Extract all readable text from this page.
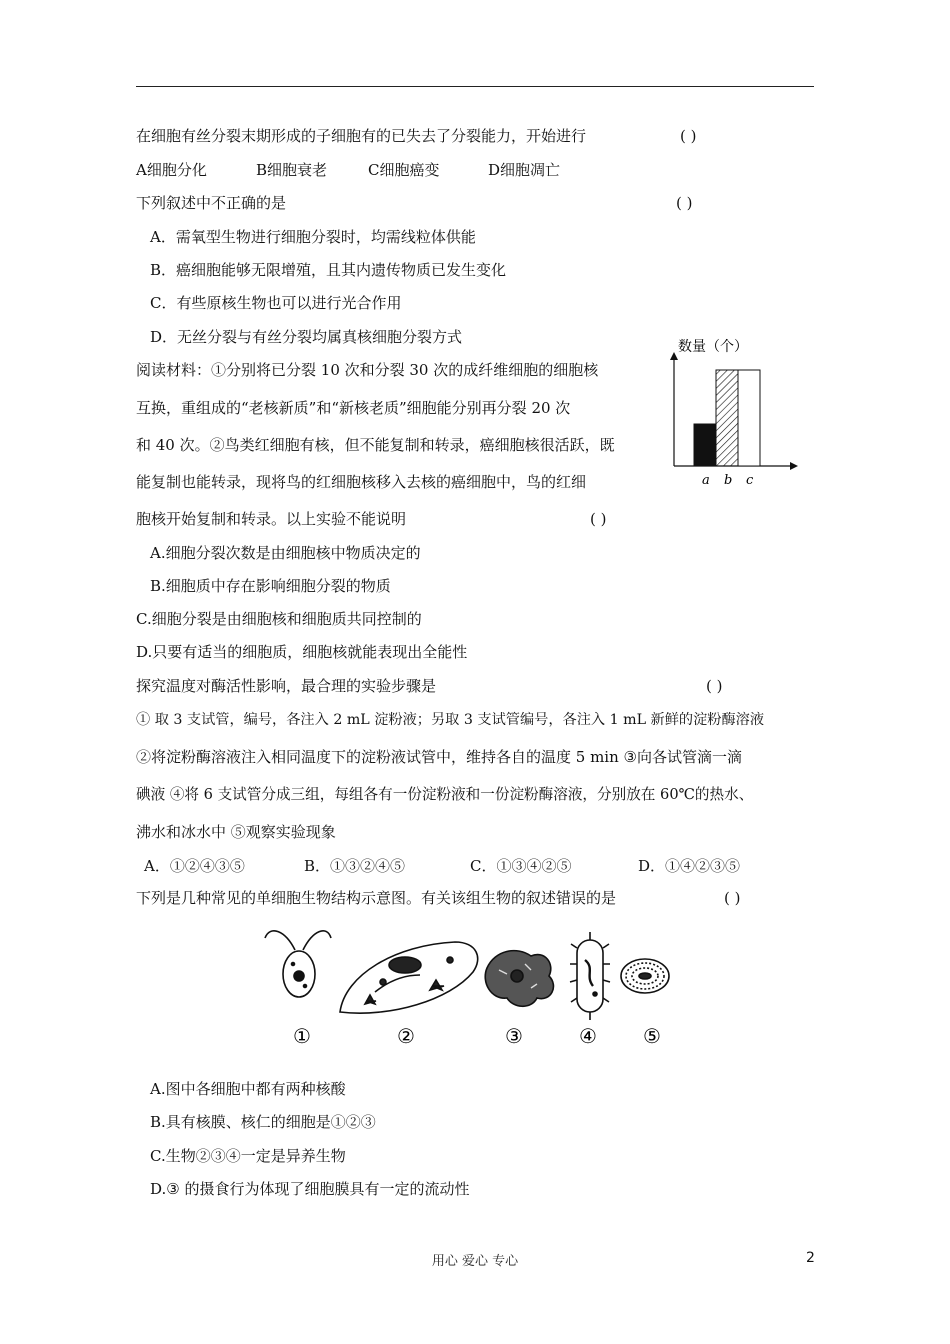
在细胞有丝分裂末期形成的子细胞有的已失去了分裂能力，开始进行	( )
A细胞分化	B细胞衰老	C细胞癌变	D细胞凋亡
下列叙述中不正确的是	( )
A．需氧型生物进行细胞分裂时，均需线粒体供能
B．癌细胞能够无限增殖，且其内遗传物质已发生变化
C．有些原核生物也可以进行光合作用
D．无丝分裂与有丝分裂均属真核细胞分裂方式
数量（个）
a b c
阅读材料：①分别将已分裂 10 次和分裂 30 次的成纤维细胞的细胞核
互换，重组成的“老核新质”和“新核老质”细胞能分别再分裂 20 次
和 40 次。②鸟类红细胞有核，但不能复制和转录，癌细胞核很活跃，既
能复制也能转录，现将鸟的红细胞核移入去核的癌细胞中，鸟的红细
胞核开始复制和转录。以上实验不能说明	( )
A.细胞分裂次数是由细胞核中物质决定的
B.细胞质中存在影响细胞分裂的物质
C.细胞分裂是由细胞核和细胞质共同控制的
D.只要有适当的细胞质，细胞核就能表现出全能性
探究温度对酶活性影响，最合理的实验步骤是	( )
① 取 3 支试管，编号，各注入 2 mL 淀粉液；另取 3 支试管编号，各注入 1 mL 新鲜的淀粉酶溶液
②将淀粉酶溶液注入相同温度下的淀粉液试管中，维持各自的温度 5 min ③向各试管滴一滴
碘液 ④将 6 支试管分成三组，每组各有一份淀粉液和一份淀粉酶溶液，分别放在 60℃的热水、
沸水和冰水中 ⑤观察实验现象
A．①②④③⑤	B．①③②④⑤	C．①③④②⑤	D．①④②③⑤
下列是几种常见的单细胞生物结构示意图。有关该组生物的叙述错误的是	( )
①	②	③	④ ⑤
A.图中各细胞中都有两种核酸
B.具有核膜、核仁的细胞是①②③
C.生物②③④一定是异养生物
D.③ 的摄食行为体现了细胞膜具有一定的流动性
用心 爱心 专心	2
